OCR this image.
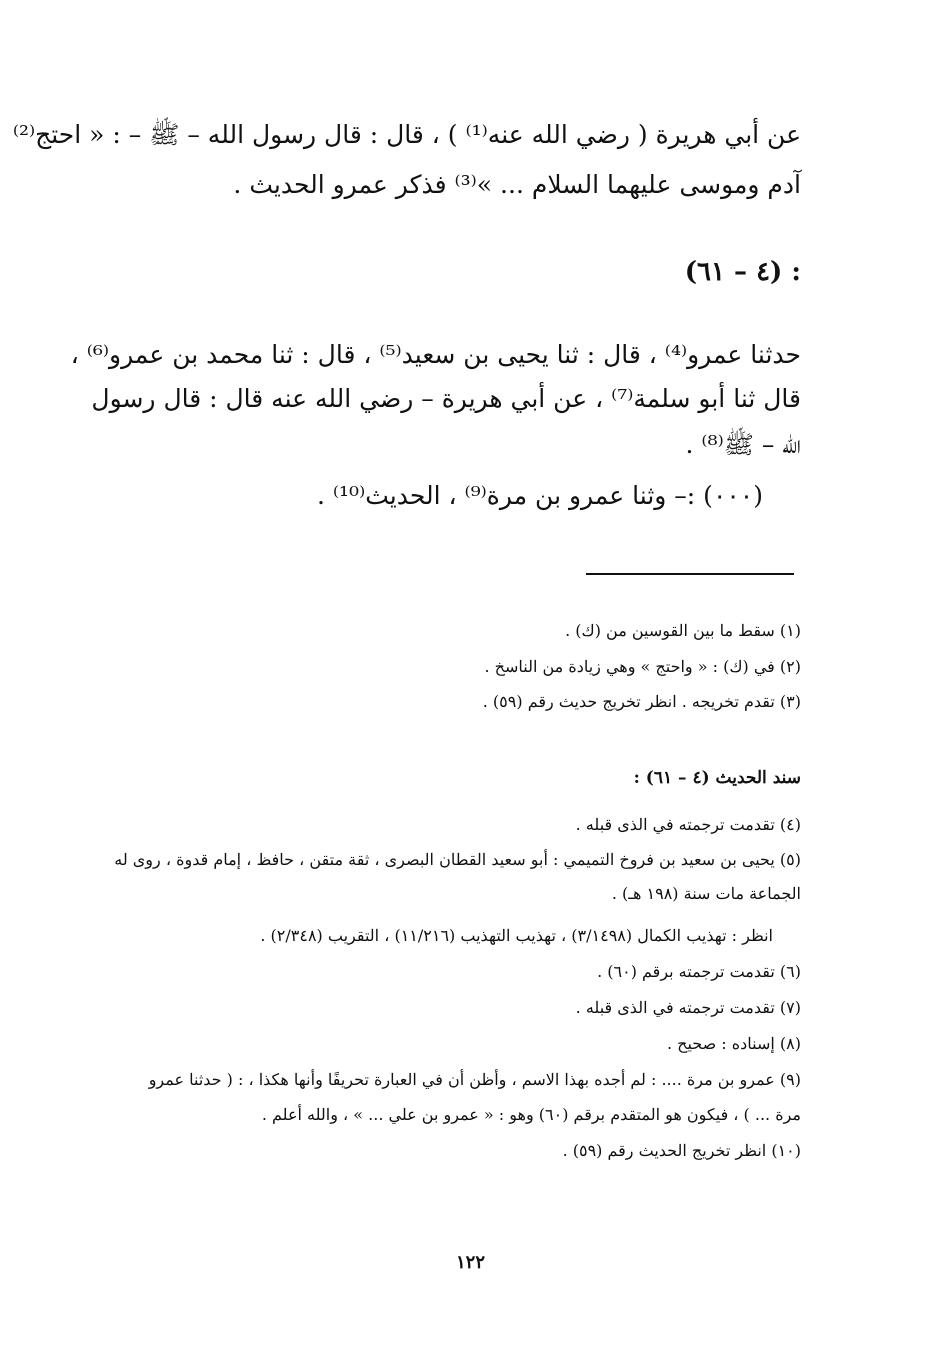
عن أبي هريرة ( رضي الله عنه⁽¹⁾ ) ، قال : قال رسول الله – ﷺ – : « احتج⁽²⁾
آدم وموسى عليهما السلام ... »⁽³⁾ فذكر عمرو الحديث .
(٤ – ٦١) :
حدثنا عمرو⁽⁴⁾ ، قال : ثنا يحيى بن سعيد⁽⁵⁾ ، قال : ثنا محمد بن عمرو⁽⁶⁾ ،
قال ثنا أبو سلمة⁽⁷⁾ ، عن أبي هريرة – رضي الله عنه قال : قال رسول
الله – ﷺ⁽⁸⁾ .
(٠٠٠) :– وثنا عمرو بن مرة⁽⁹⁾ ، الحديث⁽¹⁰⁾ .
(١) سقط ما بين القوسين من (ك) .
(٢) في (ك) : « واحتج » وهي زيادة من الناسخ .
(٣) تقدم تخريجه . انظر تخريج حديث رقم (٥٩) .
سند الحديث (٤ – ٦١) :
(٤) تقدمت ترجمته في الذى قبله .
(٥) يحيى بن سعيد بن فروخ التميمي : أبو سعيد القطان البصرى ، ثقة متقن ، حافظ ، إمام قدوة ، روى له
الجماعة مات سنة (١٩٨ هـ) .
انظر : تهذيب الكمال (٣/١٤٩٨) ، تهذيب التهذيب (١١/٢١٦) ، التقريب (٢/٣٤٨) .
(٦) تقدمت ترجمته برقم (٦٠) .
(٧) تقدمت ترجمته في الذى قبله .
(٨) إسناده : صحيح .
(٩) عمرو بن مرة .... : لم أجده بهذا الاسم ، وأظن أن في العبارة تحريفًا وأنها هكذا ، : ( حدثنا عمرو
مرة ... ) ، فيكون هو المتقدم برقم (٦٠) وهو : « عمرو بن علي ... » ، والله أعلم .
(١٠) انظر تخريج الحديث رقم (٥٩) .
١٢٢
